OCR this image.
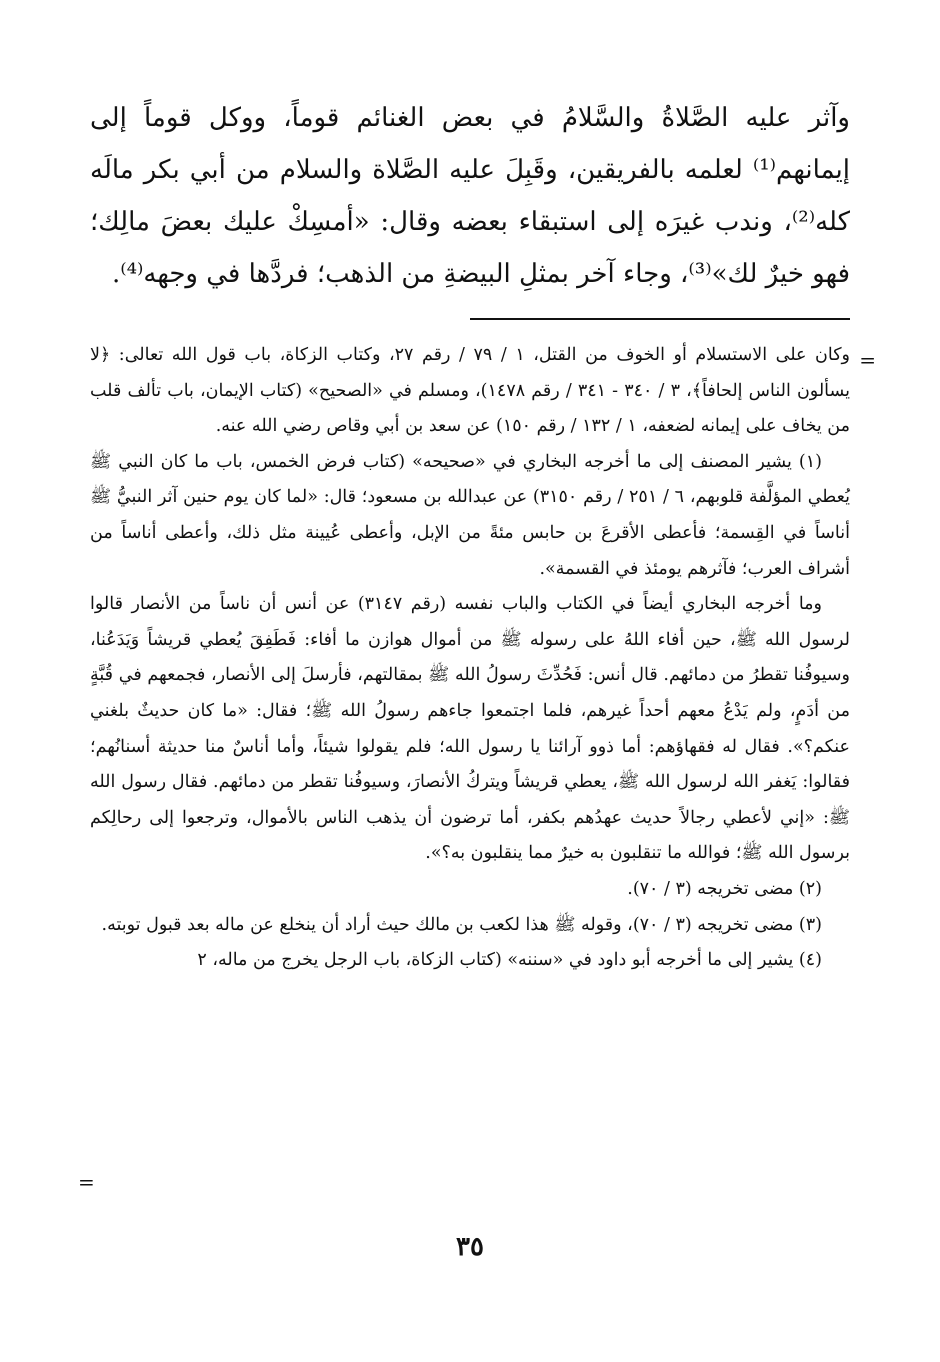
وآثر عليه الصَّلاةُ والسَّلامُ في بعض الغنائم قوماً، ووكل قوماً إلى إيمانهم⁽¹⁾ لعلمه بالفريقين، وقَبِلَ عليه الصَّلاة والسلام من أبي بكر مالَه كله⁽²⁾، وندب غيرَه إلى استبقاء بعضه وقال: «أمسِكْ عليك بعضَ مالِك؛ فهو خيرٌ لك»⁽³⁾، وجاء آخر بمثلِ البيضةِ من الذهب؛ فردَّها في وجهه⁽⁴⁾.

=

وكان على الاستسلام أو الخوف من القتل، ١ / ٧٩ / رقم ٢٧، وكتاب الزكاة، باب قول الله تعالى: ﴿لا يسألون الناس إلحافاً﴾، ٣ / ٣٤٠ - ٣٤١ / رقم ١٤٧٨)، ومسلم في «الصحيح» (كتاب الإيمان، باب تألف قلب من يخاف على إيمانه لضعفه، ١ / ١٣٢ / رقم ١٥٠) عن سعد بن أبي وقاص رضي الله عنه.

(١) يشير المصنف إلى ما أخرجه البخاري في «صحيحه» (كتاب فرض الخمس، باب ما كان النبي ﷺ يُعطي المؤلَّفة قلوبهم، ٦ / ٢٥١ / رقم ٣١٥٠) عن عبدالله بن مسعود؛ قال: «لما كان يوم حنين آثر النبيُّ ﷺ أناساً في القِسمة؛ فأعطى الأقرعَ بن حابس مئةً من الإبل، وأعطى عُيينة مثل ذلك، وأعطى أناساً من أشراف العرب؛ فآثرهم يومئذ في القسمة».

وما أخرجه البخاري أيضاً في الكتاب والباب نفسه (رقم ٣١٤٧) عن أنس أن ناساً من الأنصار قالوا لرسول الله ﷺ، حين أفاء اللهُ على رسوله ﷺ من أموال هوازن ما أفاء: فَطَفِقَ يُعطي قريشاً وَيَدَعُنا، وسيوفُنا تقطرُ من دمائهم. قال أنس: فَحُدِّثَ رسولُ الله ﷺ بمقالتهم، فأرسلَ إلى الأنصار، فجمعهم في قُبَّةٍ من أدَمٍ، ولم يَدْعُ معهم أحداً غيرهم، فلما اجتمعوا جاءهم رسولُ الله ﷺ؛ فقال: «ما كان حديثٌ بلغني عنكم؟». فقال له فقهاؤهم: أما ذوو آرائنا يا رسول الله؛ فلم يقولوا شيئاً، وأما أناسٌ منا حديثة أسنانُهم؛ فقالوا: يَغفر الله لرسول الله ﷺ، يعطي قريشاً ويتركُ الأنصارَ، وسيوفُنا تقطر من دمائهم. فقال رسول الله ﷺ: «إني لأعطي رجالاً حديث عهدُهم بكفر، أما ترضون أن يذهب الناس بالأموال، وترجعوا إلى رحالِكم برسول الله ﷺ؛ فوالله ما تنقلبون به خيرٌ مما ينقلبون به؟».

(٢) مضى تخريجه (٣ / ٧٠).

(٣) مضى تخريجه (٣ / ٧٠)، وقوله ﷺ هذا لكعب بن مالك حيث أراد أن ينخلع عن ماله بعد قبول توبته.

(٤) يشير إلى ما أخرجه أبو داود في «سننه» (كتاب الزكاة، باب الرجل يخرج من ماله، ٢

=
٣٥
